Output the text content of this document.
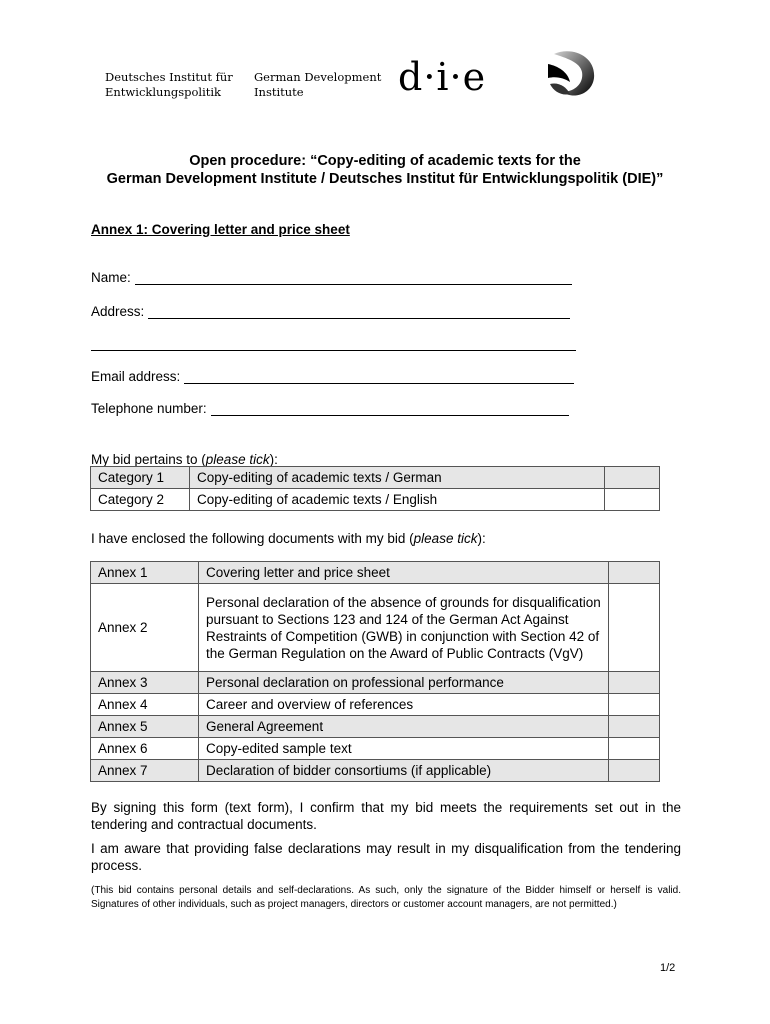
Deutsches Institut für
Entwicklungspolitik
German Development
Institute	d·i·e
Open procedure: “Copy-editing of academic texts for the
German Development Institute / Deutsches Institut für Entwicklungspolitik (DIE)”
Annex 1: Covering letter and price sheet
Name:
Address:
Email address:
Telephone number:
My bid pertains to (please tick):
Category 1	Copy-editing of academic texts / German	
Category 2	Copy-editing of academic texts / English	
I have enclosed the following documents with my bid (please tick):
Annex 1	Covering letter and price sheet	
Annex 2	Personal declaration of the absence of grounds for disqualification pursuant to Sections 123 and 124 of the German Act Against Restraints of Competition (GWB) in conjunction with Section 42 of the German Regulation on the Award of Public Contracts (VgV)	
Annex 3	Personal declaration on professional performance	
Annex 4	Career and overview of references	
Annex 5	General Agreement	
Annex 6	Copy-edited sample text	
Annex 7	Declaration of bidder consortiums (if applicable)	
By signing this form (text form), I confirm that my bid meets the requirements set out in the tendering and contractual documents.
I am aware that providing false declarations may result in my disqualification from the tendering process.
(This bid contains personal details and self-declarations. As such, only the signature of the Bidder himself or herself is valid. Signatures of other individuals, such as project managers, directors or customer account managers, are not permitted.)
1/2
